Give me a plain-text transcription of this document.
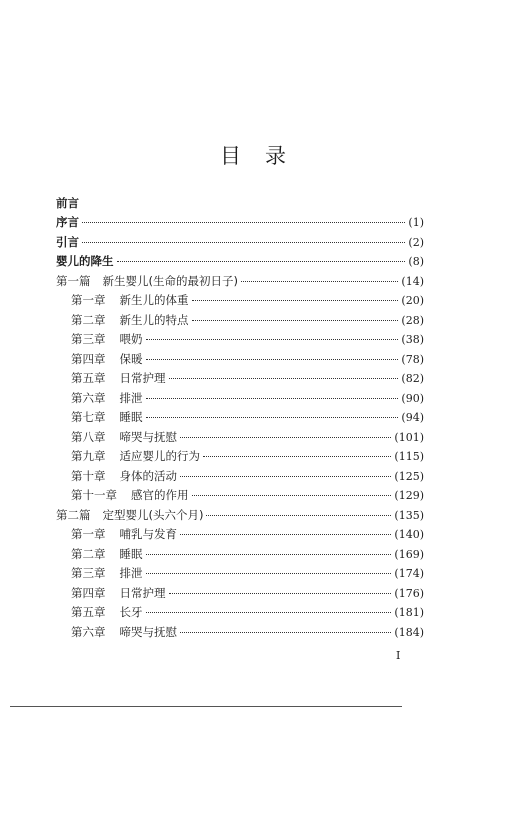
目 录
前言
序言	(1)
引言	(2)
婴儿的降生	(8)
第一篇 新生婴儿(生命的最初日子)	(14)
第一章 新生儿的体重	(20)
第二章 新生儿的特点	(28)
第三章 喂奶	(38)
第四章 保暖	(78)
第五章 日常护理	(82)
第六章 排泄	(90)
第七章 睡眠	(94)
第八章 啼哭与抚慰	(101)
第九章 适应婴儿的行为	(115)
第十章 身体的活动	(125)
第十一章 感官的作用	(129)
第二篇 定型婴儿(头六个月)	(135)
第一章 哺乳与发育	(140)
第二章 睡眠	(169)
第三章 排泄	(174)
第四章 日常护理	(176)
第五章 长牙	(181)
第六章 啼哭与抚慰	(184)
I
